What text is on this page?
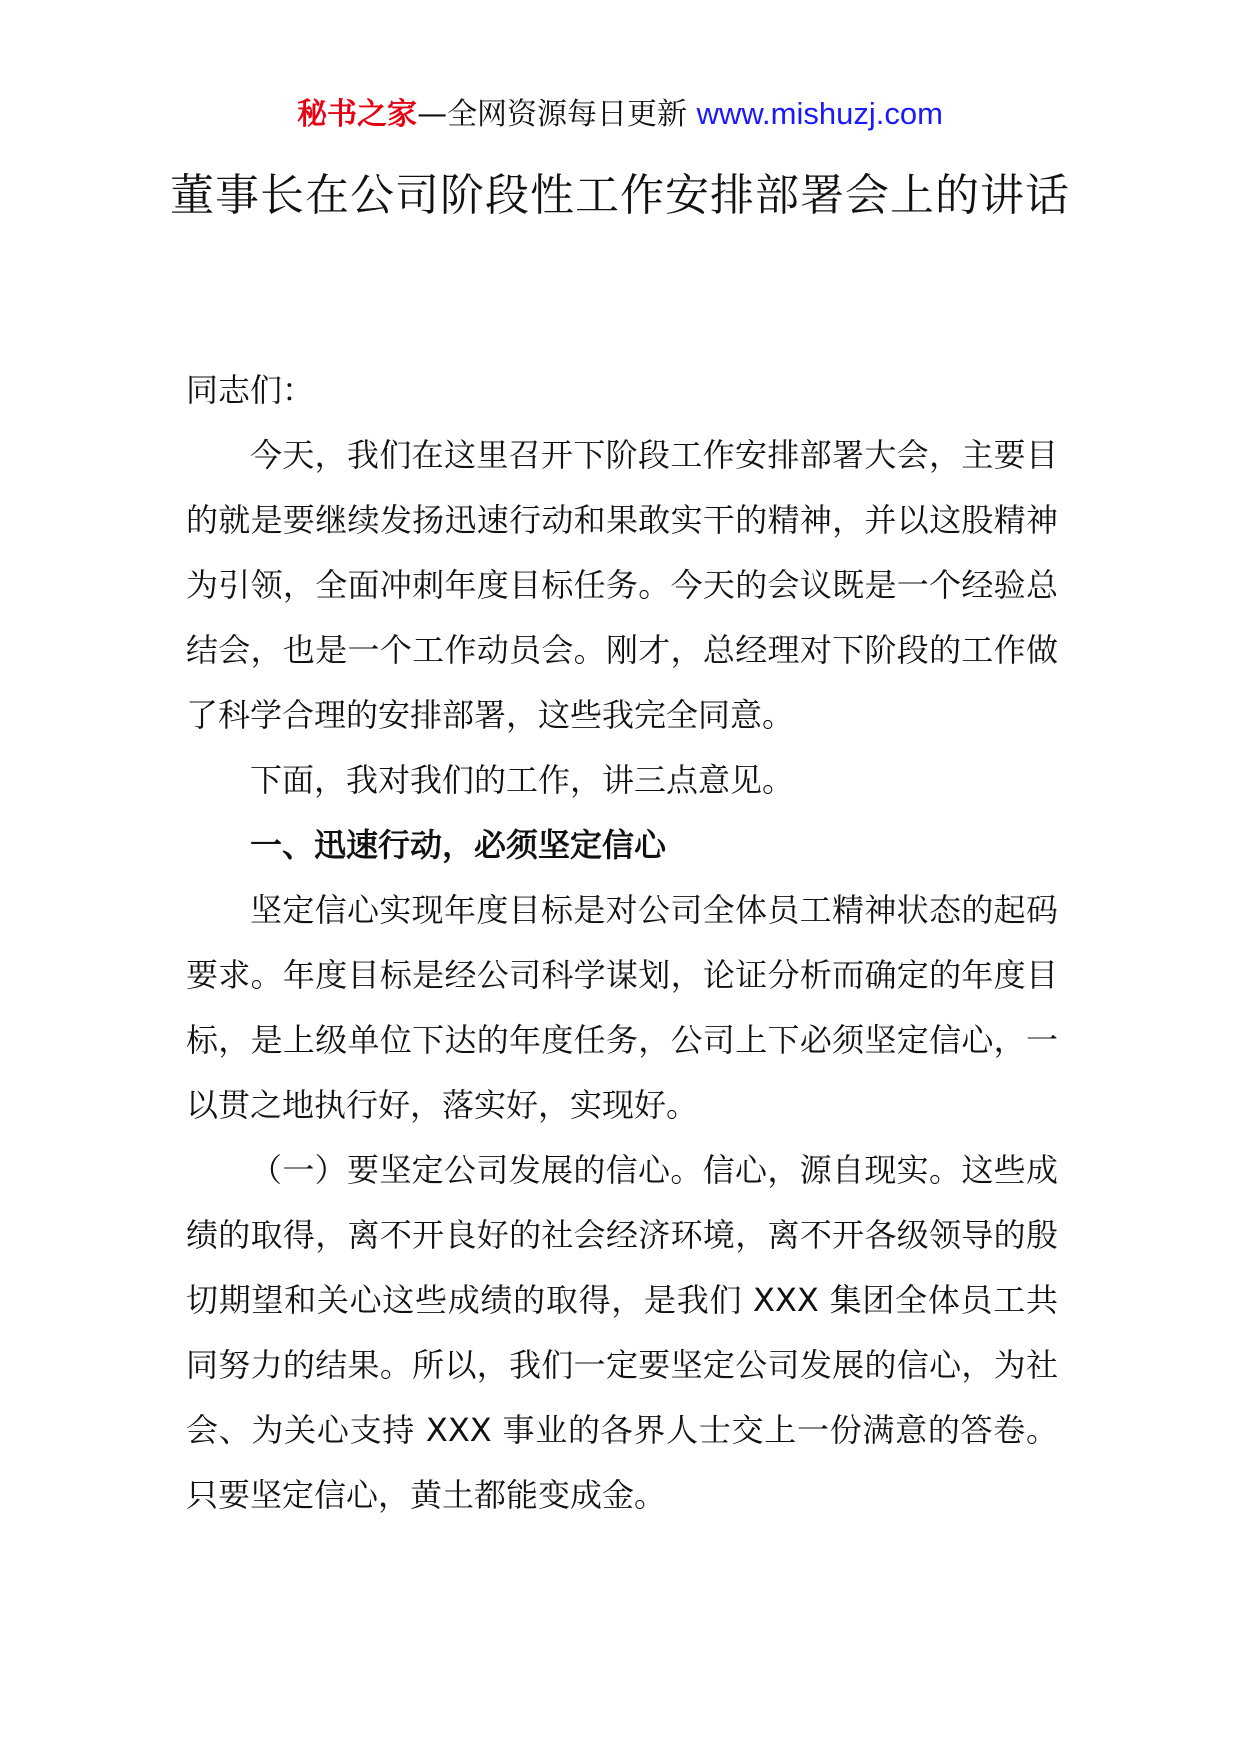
秘书之家—全网资源每日更新 www.mishuzj.com
董事长在公司阶段性工作安排部署会上的讲话

同志们：

今天，我们在这里召开下阶段工作安排部署大会，主要目的就是要继续发扬迅速行动和果敢实干的精神，并以这股精神为引领，全面冲刺年度目标任务。今天的会议既是一个经验总结会，也是一个工作动员会。刚才，总经理对下阶段的工作做了科学合理的安排部署，这些我完全同意。

下面，我对我们的工作，讲三点意见。

一、迅速行动，必须坚定信心

坚定信心实现年度目标是对公司全体员工精神状态的起码要求。年度目标是经公司科学谋划，论证分析而确定的年度目标，是上级单位下达的年度任务，公司上下必须坚定信心，一以贯之地执行好，落实好，实现好。

（一）要坚定公司发展的信心。信心，源自现实。这些成绩的取得，离不开良好的社会经济环境，离不开各级领导的殷切期望和关心这些成绩的取得，是我们 XXX 集团全体员工共同努力的结果。所以，我们一定要坚定公司发展的信心，为社会、为关心支持 XXX 事业的各界人士交上一份满意的答卷。只要坚定信心，黄土都能变成金。
